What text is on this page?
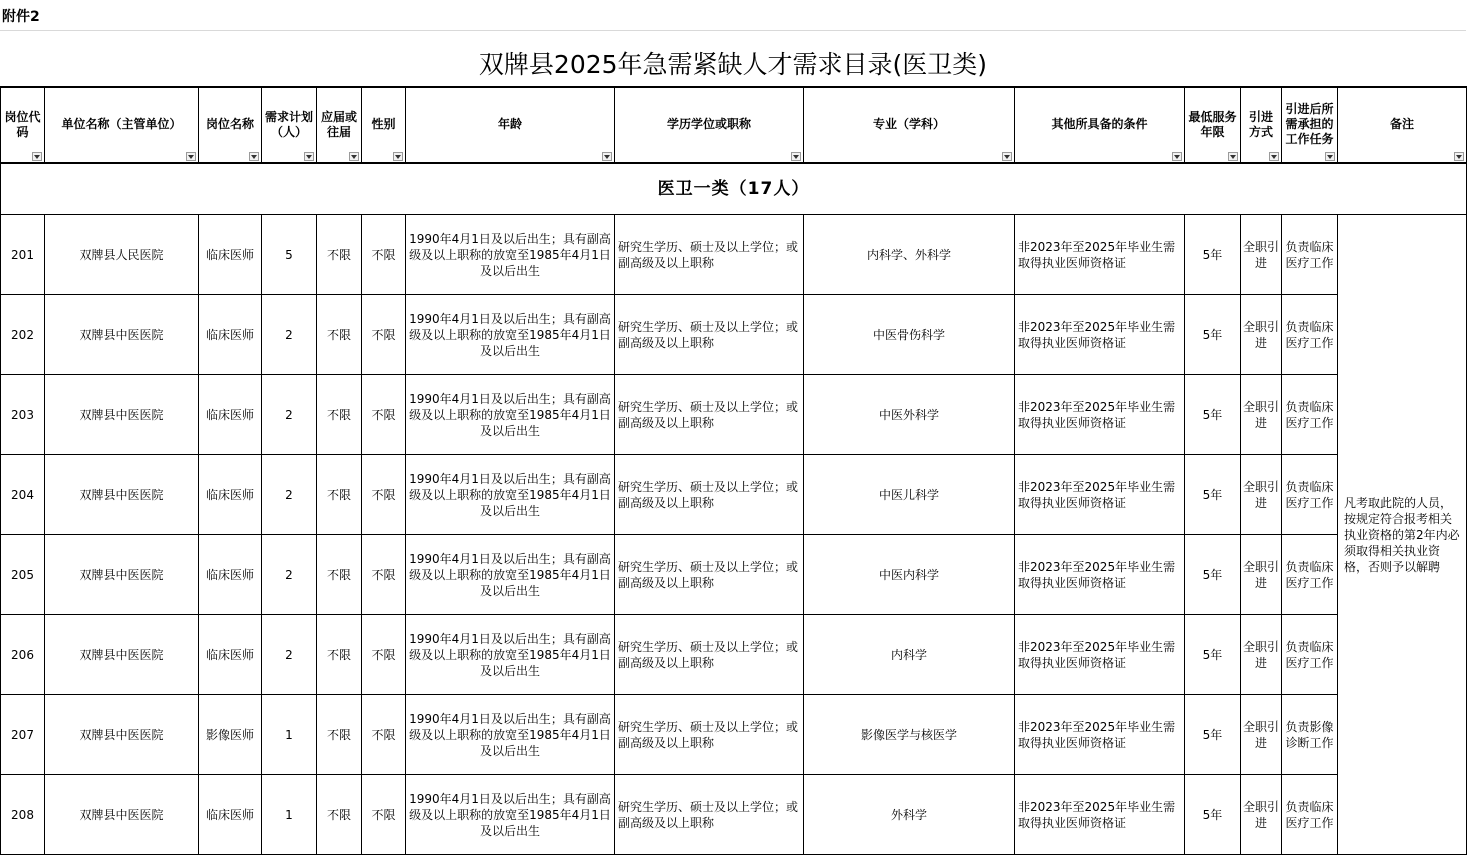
附件2
双牌县2025年急需紧缺人才需求目录(医卫类)
岗位代码	单位名称（主管单位）	岗位名称	需求计划（人）	应届或往届	性别	年龄	学历学位或职称	专业（学科）	其他所具备的条件	最低服务年限	引进方式	引进后所需承担的工作任务	备注

医卫一类（17人）													
201	双牌县人民医院	临床医师	5	不限	不限	1990年4月1日及以后出生；具有副高级及以上职称的放宽至1985年4月1日及以后出生	研究生学历、硕士及以上学位；或副高级及以上职称	内科学、外科学	非2023年至2025年毕业生需取得执业医师资格证	5年	全职引进	负责临床医疗工作	凡考取此院的人员，按规定符合报考相关执业资格的第2年内必须取得相关执业资格，否则予以解聘
202	双牌县中医医院	临床医师	2	不限	不限	1990年4月1日及以后出生；具有副高级及以上职称的放宽至1985年4月1日及以后出生	研究生学历、硕士及以上学位；或副高级及以上职称	中医骨伤科学	非2023年至2025年毕业生需取得执业医师资格证	5年	全职引进	负责临床医疗工作	
203	双牌县中医医院	临床医师	2	不限	不限	1990年4月1日及以后出生；具有副高级及以上职称的放宽至1985年4月1日及以后出生	研究生学历、硕士及以上学位；或副高级及以上职称	中医外科学	非2023年至2025年毕业生需取得执业医师资格证	5年	全职引进	负责临床医疗工作	
204	双牌县中医医院	临床医师	2	不限	不限	1990年4月1日及以后出生；具有副高级及以上职称的放宽至1985年4月1日及以后出生	研究生学历、硕士及以上学位；或副高级及以上职称	中医儿科学	非2023年至2025年毕业生需取得执业医师资格证	5年	全职引进	负责临床医疗工作	
205	双牌县中医医院	临床医师	2	不限	不限	1990年4月1日及以后出生；具有副高级及以上职称的放宽至1985年4月1日及以后出生	研究生学历、硕士及以上学位；或副高级及以上职称	中医内科学	非2023年至2025年毕业生需取得执业医师资格证	5年	全职引进	负责临床医疗工作	
206	双牌县中医医院	临床医师	2	不限	不限	1990年4月1日及以后出生；具有副高级及以上职称的放宽至1985年4月1日及以后出生	研究生学历、硕士及以上学位；或副高级及以上职称	内科学	非2023年至2025年毕业生需取得执业医师资格证	5年	全职引进	负责临床医疗工作	
207	双牌县中医医院	影像医师	1	不限	不限	1990年4月1日及以后出生；具有副高级及以上职称的放宽至1985年4月1日及以后出生	研究生学历、硕士及以上学位；或副高级及以上职称	影像医学与核医学	非2023年至2025年毕业生需取得执业医师资格证	5年	全职引进	负责影像诊断工作	
208	双牌县中医医院	临床医师	1	不限	不限	1990年4月1日及以后出生；具有副高级及以上职称的放宽至1985年4月1日及以后出生	研究生学历、硕士及以上学位；或副高级及以上职称	外科学	非2023年至2025年毕业生需取得执业医师资格证	5年	全职引进	负责临床医疗工作	
